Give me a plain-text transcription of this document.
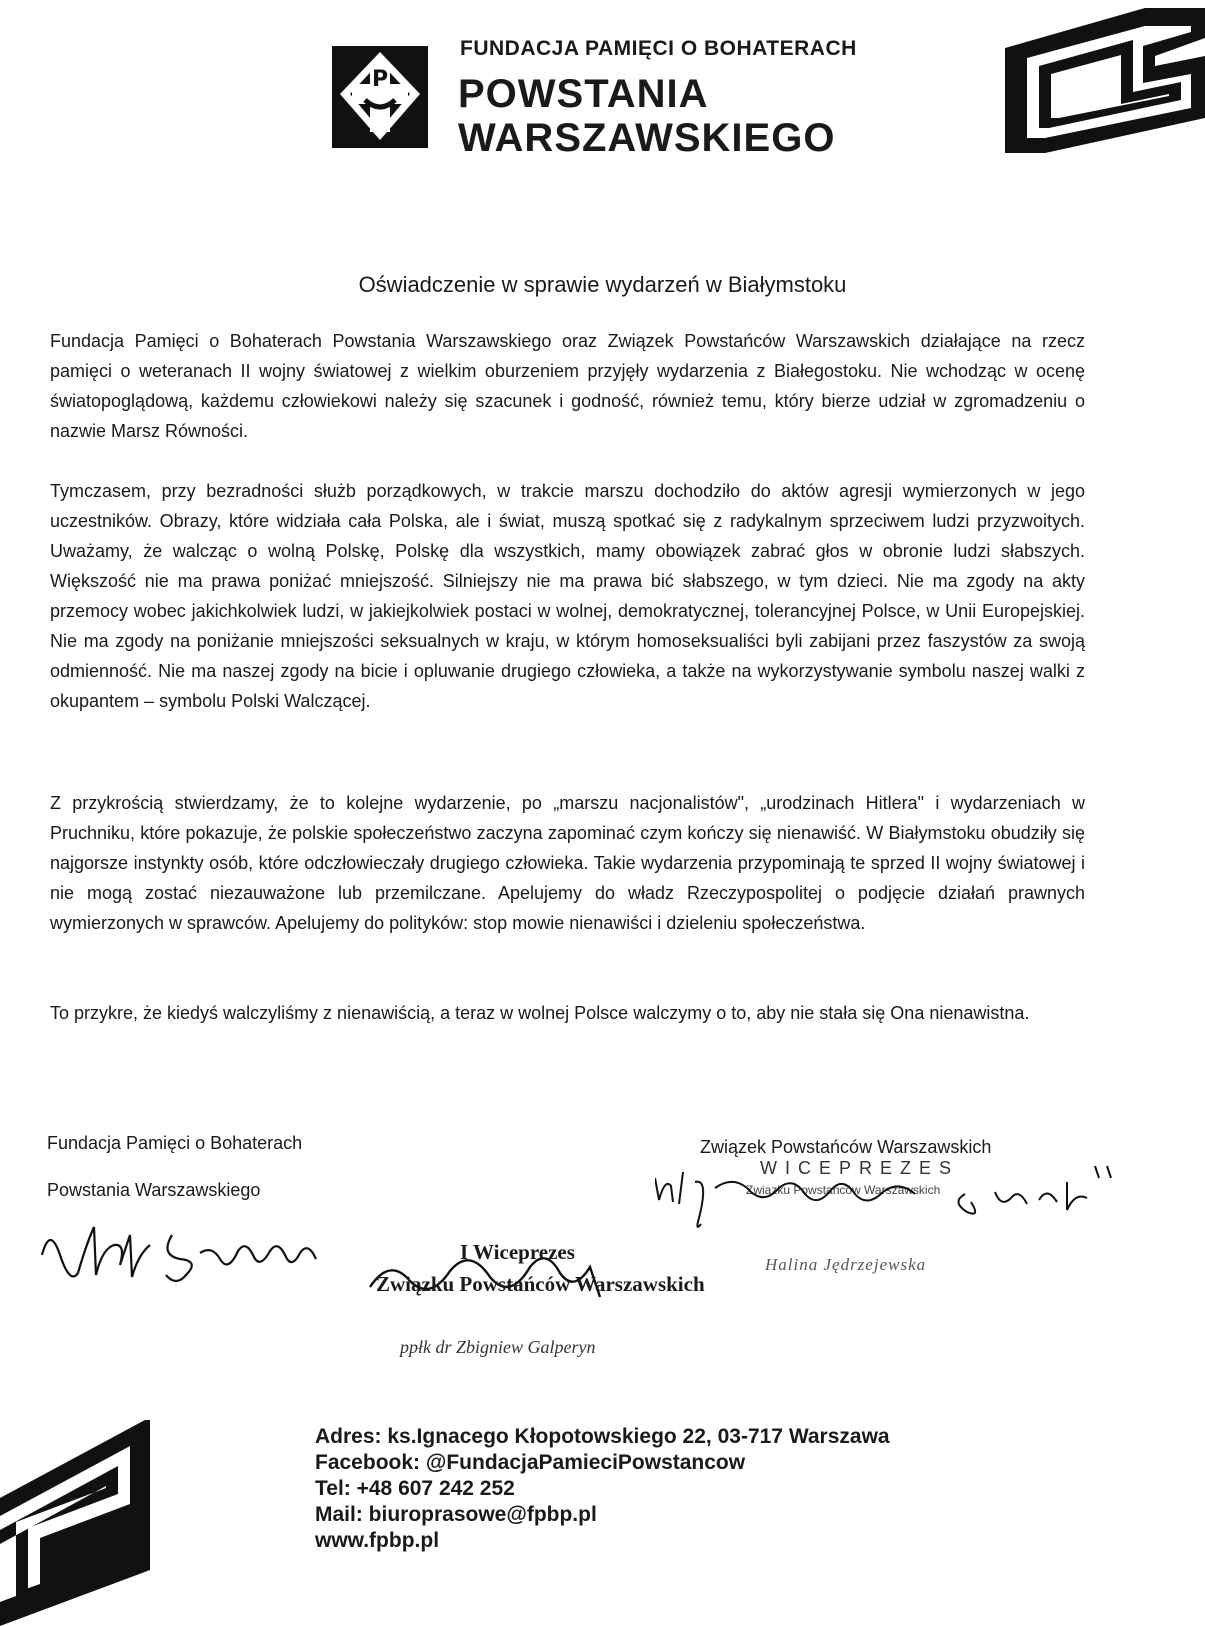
P
FUNDACJA PAMIĘCI O BOHATERACH
POWSTANIA
WARSZAWSKIEGO
Oświadczenie w sprawie wydarzeń w Białymstoku
Fundacja Pamięci o Bohaterach Powstania Warszawskiego oraz Związek Powstańców Warszawskich działające na rzecz pamięci o weteranach II wojny światowej z wielkim oburzeniem przyjęły wydarzenia z Białegostoku. Nie wchodząc w ocenę światopoglądową, każdemu człowiekowi należy się szacunek i godność, również temu, który bierze udział w zgromadzeniu o nazwie Marsz Równości.
Tymczasem, przy bezradności służb porządkowych, w trakcie marszu dochodziło do aktów agresji wymierzonych w jego uczestników. Obrazy, które widziała cała Polska, ale i świat, muszą spotkać się z radykalnym sprzeciwem ludzi przyzwoitych. Uważamy, że walcząc o wolną Polskę, Polskę dla wszystkich, mamy obowiązek zabrać głos w obronie ludzi słabszych. Większość nie ma prawa poniżać mniejszość. Silniejszy nie ma prawa bić słabszego, w tym dzieci. Nie ma zgody na akty przemocy wobec jakichkolwiek ludzi, w jakiejkolwiek postaci w wolnej, demokratycznej, tolerancyjnej Polsce, w Unii Europejskiej. Nie ma zgody na poniżanie mniejszości seksualnych w kraju, w którym homoseksualiści byli zabijani przez faszystów za swoją odmienność. Nie ma naszej zgody na bicie i opluwanie drugiego człowieka, a także na wykorzystywanie symbolu naszej walki z okupantem – symbolu Polski Walczącej.
Z przykrością stwierdzamy, że to kolejne wydarzenie, po „marszu nacjonalistów", „urodzinach Hitlera" i wydarzeniach w Pruchniku, które pokazuje, że polskie społeczeństwo zaczyna zapominać czym kończy się nienawiść. W Białymstoku obudziły się najgorsze instynkty osób, które odczłowieczały drugiego człowieka. Takie wydarzenia przypominają te sprzed II wojny światowej i nie mogą zostać niezauważone lub przemilczane. Apelujemy do władz Rzeczypospolitej o podjęcie działań prawnych wymierzonych w sprawców. Apelujemy do polityków: stop mowie nienawiści i dzieleniu społeczeństwa.
To przykre, że kiedyś walczyliśmy z nienawiścią, a teraz w wolnej Polsce walczymy o to, aby nie stała się Ona nienawistna.
Fundacja Pamięci o Bohaterach
Powstania Warszawskiego
Związek Powstańców Warszawskich
WICEPREZES
Związku Powstańców Warszawskich
Halina Jędrzejewska
I Wiceprezes
Związku Powstańców Warszawskich
ppłk dr Zbigniew Galperyn
Adres: ks.Ignacego Kłopotowskiego 22, 03-717 Warszawa
Facebook: @FundacjaPamieciPowstancow
Tel: +48 607 242 252
Mail: biuroprasowe@fpbp.pl
www.fpbp.pl
